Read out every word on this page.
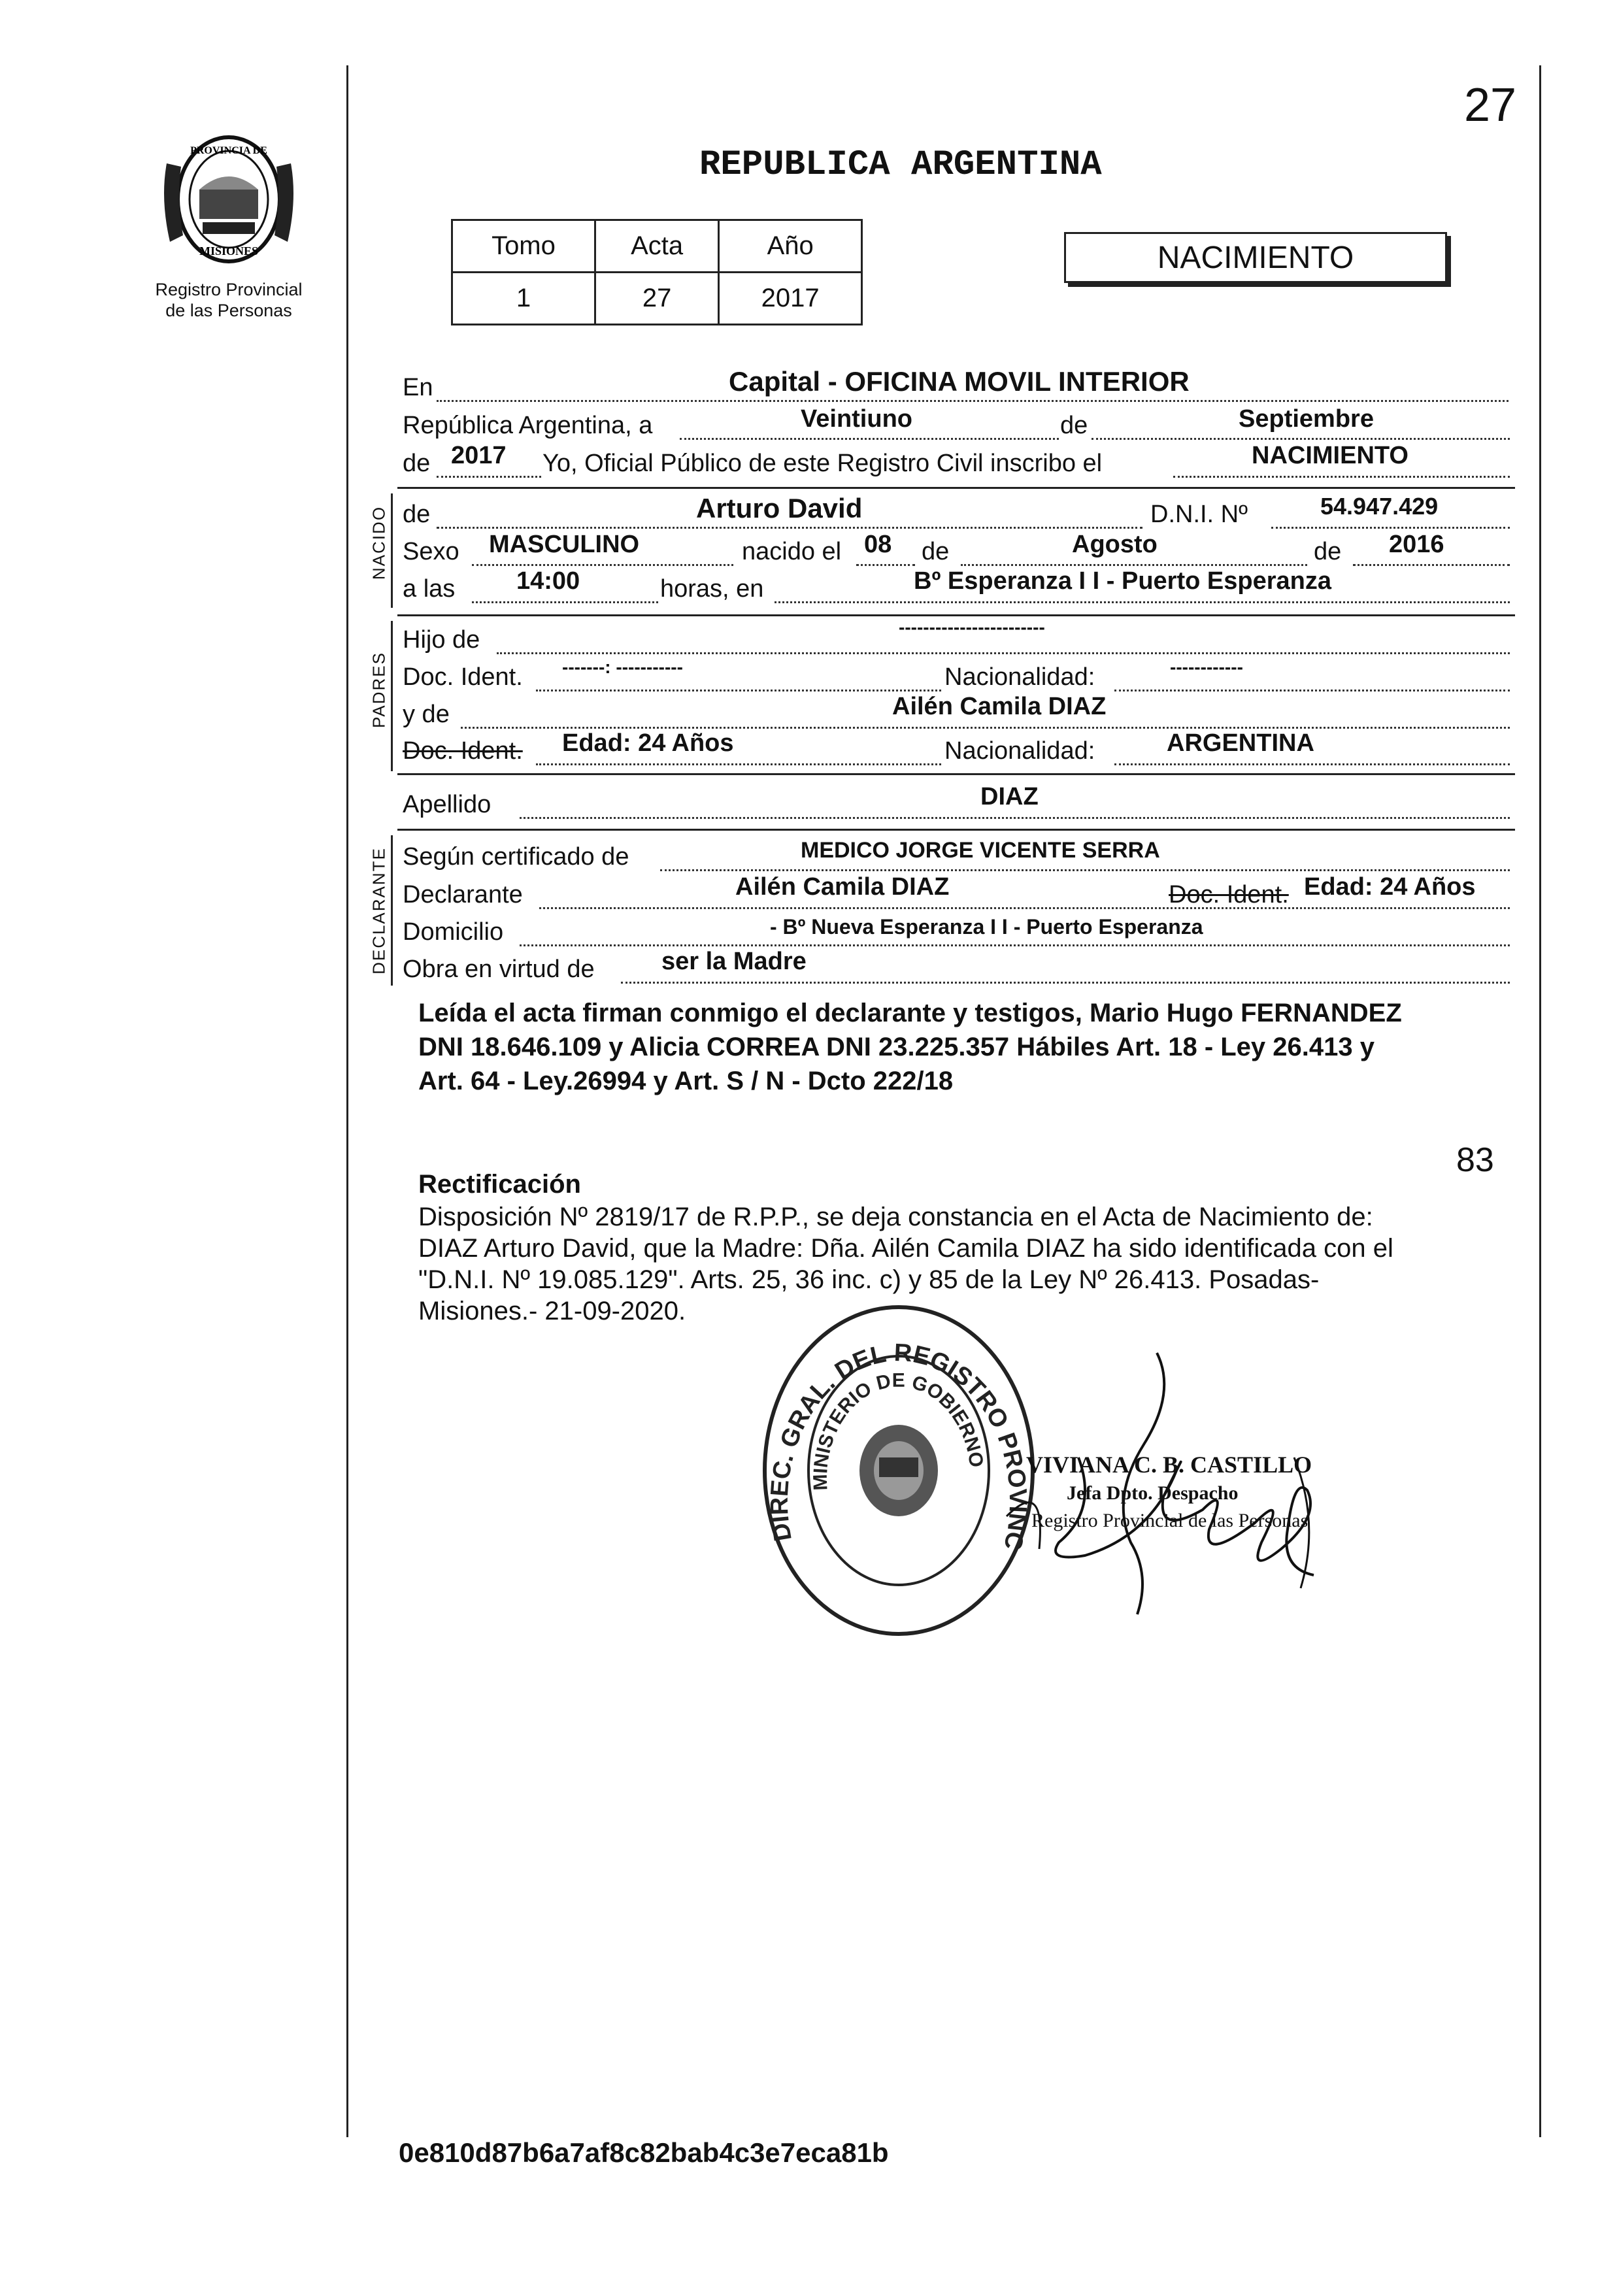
27
PROVINCIA DE
MISIONES
Registro Provincial
de las Personas
REPUBLICA ARGENTINA
Tomo	Acta	Año
1	27	2017
NACIMIENTO
En	Capital - OFICINA MOVIL INTERIOR
República Argentina, a	Veintiuno	de	Septiembre
de 2017 Yo, Oficial Público de este Registro Civil inscribo el	NACIMIENTO
NACIDO de	Arturo David	D.N.I. Nº	54.947.429
Sexo MASCULINO	nacido el 08 de	Agosto	de 2016
a las 14:00	horas, en	Bº Esperanza I I - Puerto Esperanza
PADRES
Hijo de	------------------------
Doc. Ident. -------: -----------	Nacionalidad:	------------
y de	Ailén Camila DIAZ
Doc. Ident. Edad: 24 Años	Nacionalidad:	ARGENTINA
Apellido	DIAZ
DECLARANTE Según certificado de	MEDICO JORGE VICENTE SERRA
Declarante	Ailén Camila DIAZ	Doc. Ident. Edad: 24 Años
Domicilio	- Bº Nueva Esperanza I I - Puerto Esperanza
Obra en virtud de	ser la Madre
Leída el acta firman conmigo el declarante y testigos, Mario Hugo FERNANDEZ
DNI 18.646.109 y Alicia CORREA DNI 23.225.357 Hábiles Art. 18 - Ley 26.413 y
Art. 64 - Ley.26994 y Art. S / N - Dcto 222/18
83
Rectificación
Disposición Nº 2819/17 de R.P.P., se deja constancia en el Acta de Nacimiento de:
DIAZ Arturo David, que la Madre: Dña. Ailén Camila DIAZ ha sido identificada con el
"D.N.I. Nº 19.085.129". Arts. 25, 36 inc. c) y 85 de la Ley Nº 26.413. Posadas-
Misiones.- 21-09-2020.
DIREC. GRAL. DEL REGISTRO PROVINC
MINISTERIO DE GOBIERNO VIVIANA C. B. CASTILLO
Jefa Dpto. Despacho
Registro Provincial de las Personas
0e810d87b6a7af8c82bab4c3e7eca81b
